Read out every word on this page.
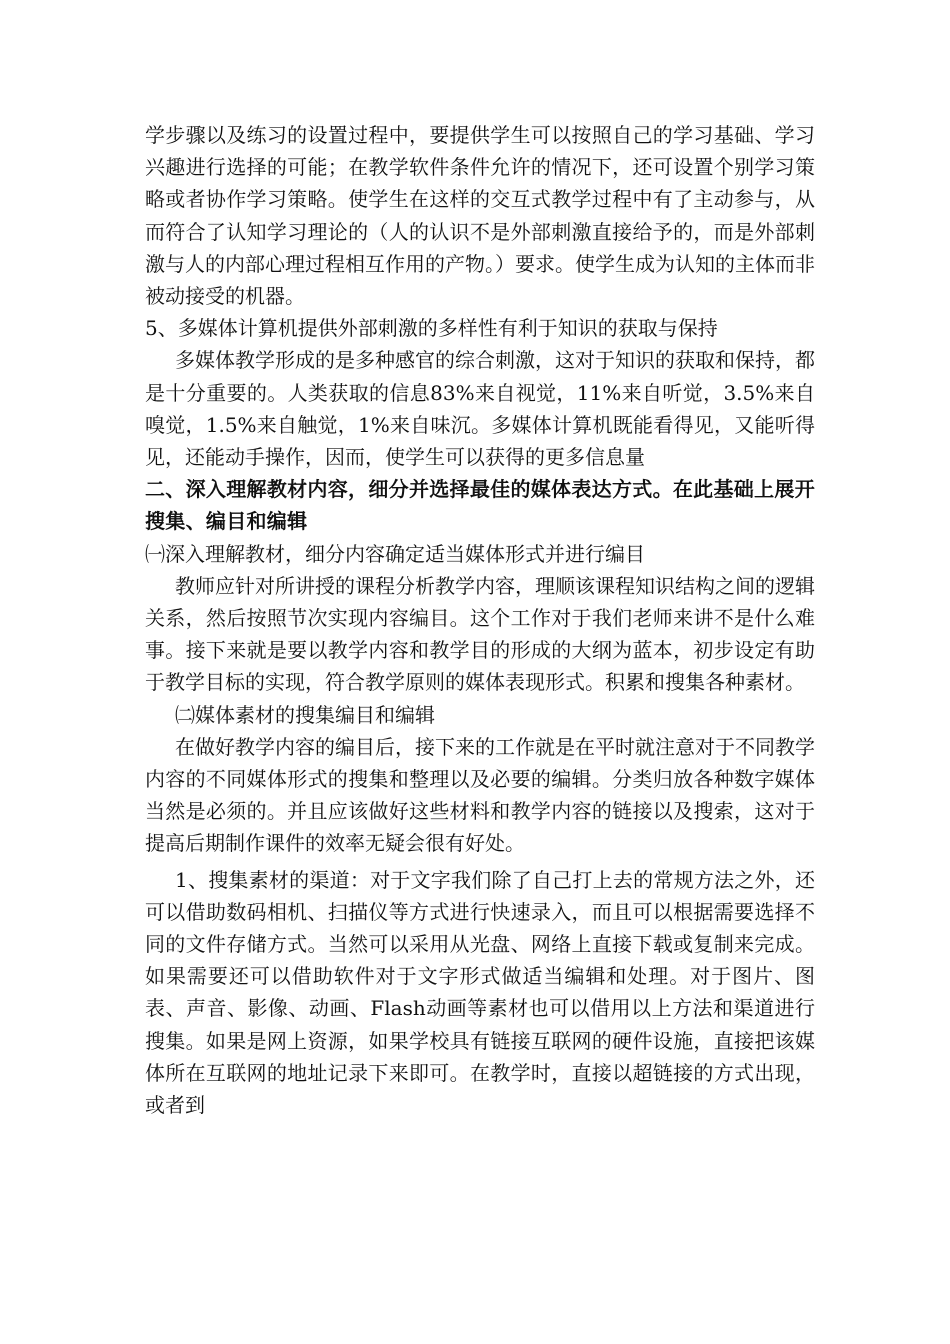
学步骤以及练习的设置过程中，要提供学生可以按照自己的学习基础、学习兴趣进行选择的可能；在教学软件条件允许的情况下，还可设置个别学习策略或者协作学习策略。使学生在这样的交互式教学过程中有了主动参与，从而符合了认知学习理论的（人的认识不是外部刺激直接给予的，而是外部刺激与人的内部心理过程相互作用的产物。）要求。使学生成为认知的主体而非被动接受的机器。

5、多媒体计算机提供外部刺激的多样性有利于知识的获取与保持

多媒体教学形成的是多种感官的综合刺激，这对于知识的获取和保持，都是十分重要的。人类获取的信息83%来自视觉，11%来自听觉，3.5%来自嗅觉，1.5%来自触觉，1%来自味沉。多媒体计算机既能看得见，又能听得见，还能动手操作，因而，使学生可以获得的更多信息量

二、深入理解教材内容，细分并选择最佳的媒体表达方式。在此基础上展开搜集、编目和编辑

㈠深入理解教材，细分内容确定适当媒体形式并进行编目

教师应针对所讲授的课程分析教学内容，理顺该课程知识结构之间的逻辑关系，然后按照节次实现内容编目。这个工作对于我们老师来讲不是什么难事。接下来就是要以教学内容和教学目的形成的大纲为蓝本，初步设定有助于教学目标的实现，符合教学原则的媒体表现形式。积累和搜集各种素材。

㈡媒体素材的搜集编目和编辑

在做好教学内容的编目后，接下来的工作就是在平时就注意对于不同教学内容的不同媒体形式的搜集和整理以及必要的编辑。分类归放各种数字媒体当然是必须的。并且应该做好这些材料和教学内容的链接以及搜索，这对于提高后期制作课件的效率无疑会很有好处。

1、搜集素材的渠道：对于文字我们除了自己打上去的常规方法之外，还可以借助数码相机、扫描仪等方式进行快速录入，而且可以根据需要选择不同的文件存储方式。当然可以采用从光盘、网络上直接下载或复制来完成。如果需要还可以借助软件对于文字形式做适当编辑和处理。对于图片、图表、声音、影像、动画、Flash动画等素材也可以借用以上方法和渠道进行搜集。如果是网上资源，如果学校具有链接互联网的硬件设施，直接把该媒体所在互联网的地址记录下来即可。在教学时，直接以超链接的方式出现，或者到
